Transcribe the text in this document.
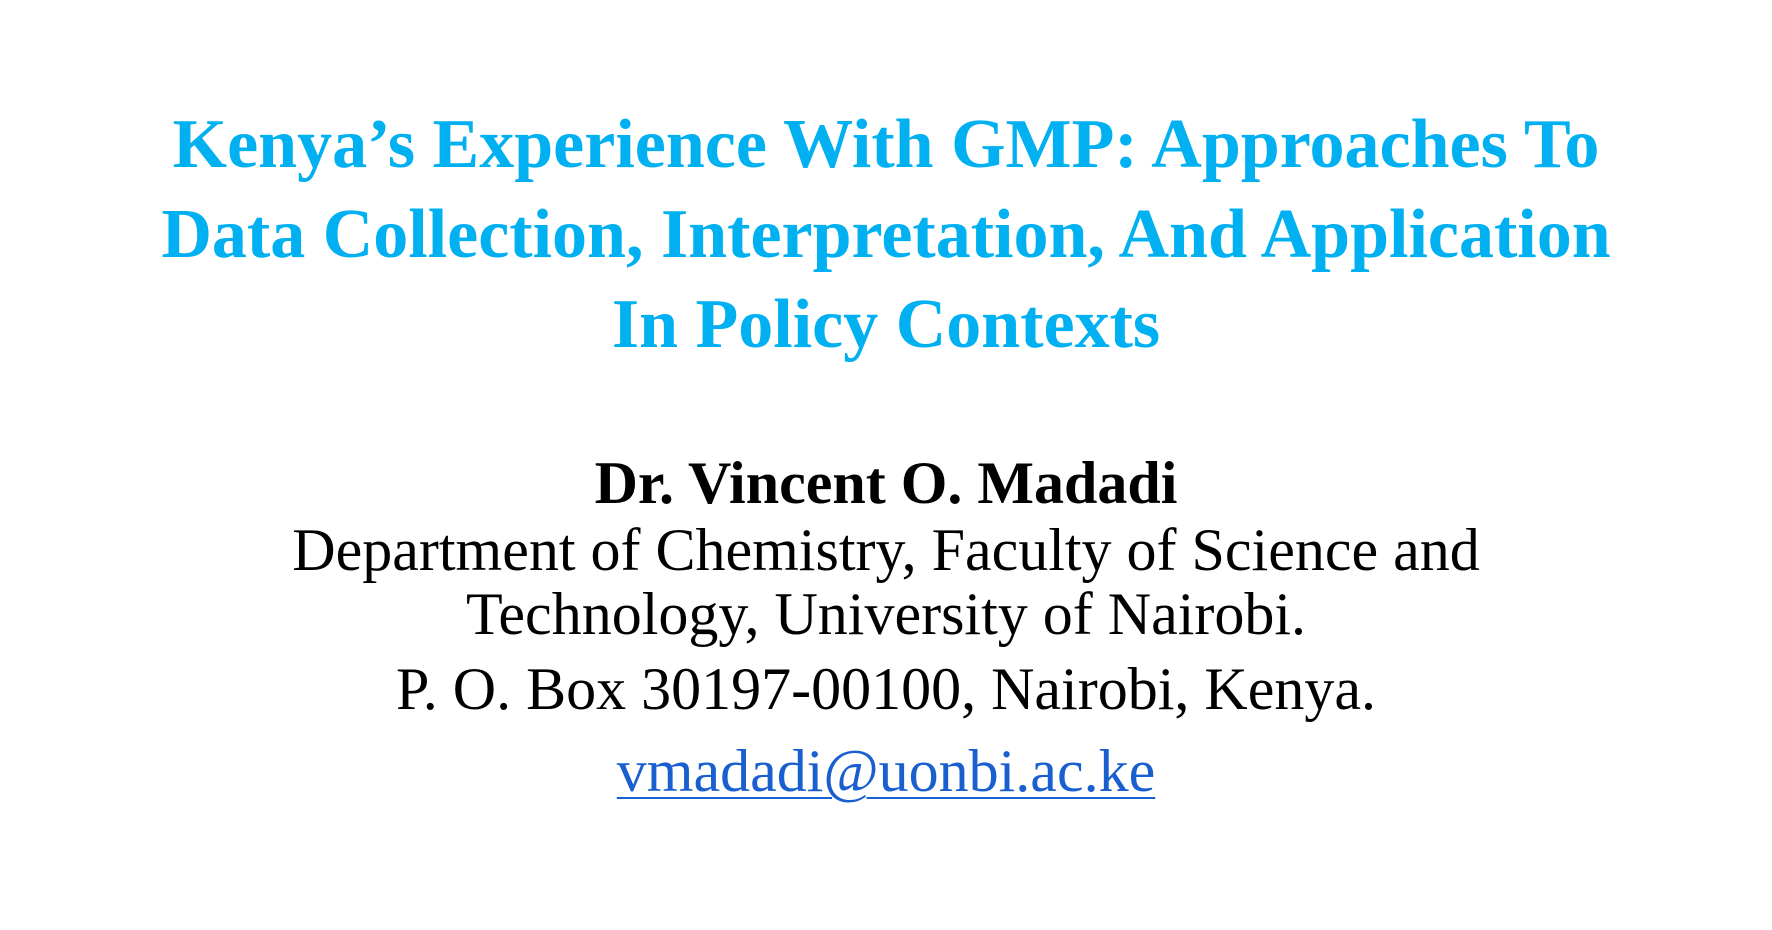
Kenya’s Experience With GMP: Approaches To
Data Collection, Interpretation, And Application
In Policy Contexts

Dr. Vincent O. Madadi

Department of Chemistry, Faculty of Science and
Technology, University of Nairobi.

P. O. Box 30197-00100, Nairobi, Kenya.

vmadadi@uonbi.ac.ke
